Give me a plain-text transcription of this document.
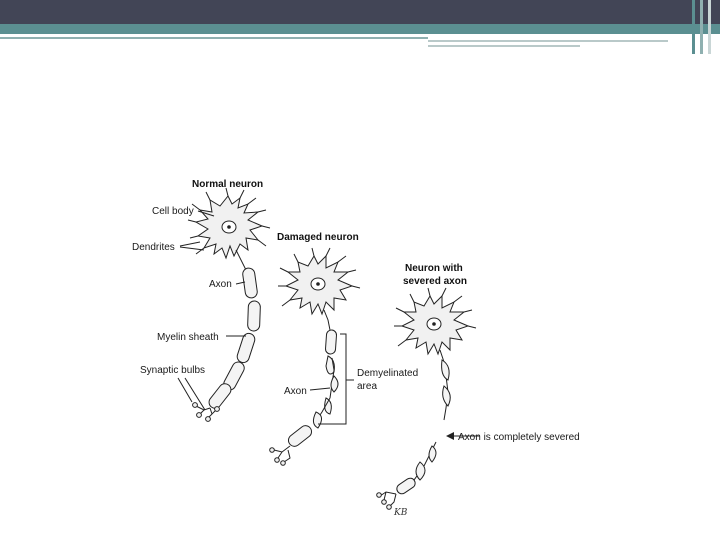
Normal neuron
Cell body
Dendrites
Axon
Myelin sheath
Synaptic bulbs
Damaged neuron
Demyelinated
area
Axon
Neuron with
severed axon
Axon is completely severed
KB
